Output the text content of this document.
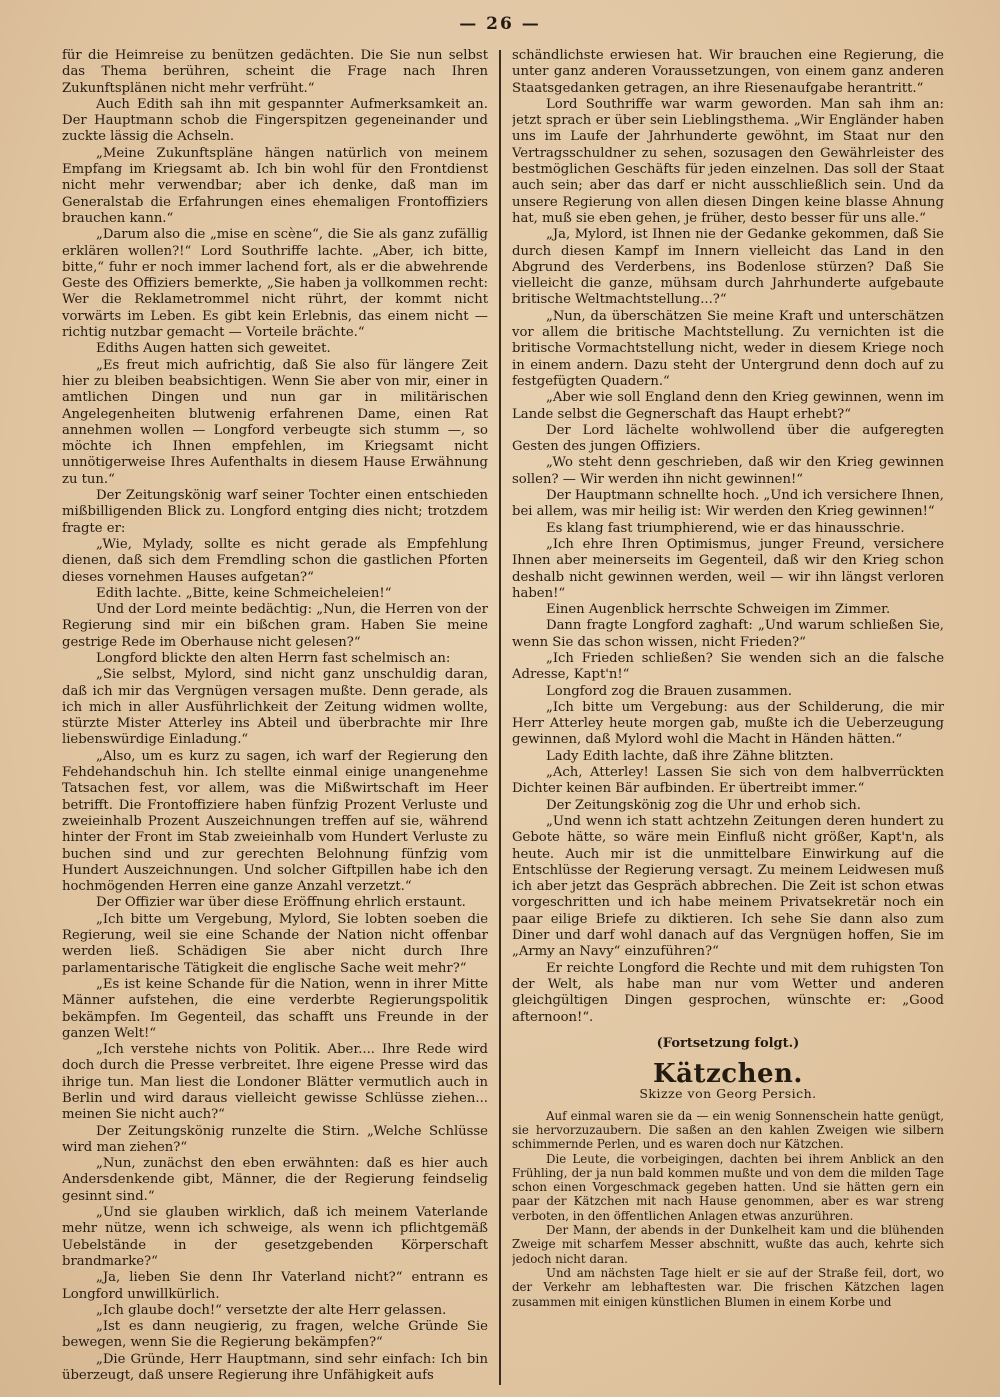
— 26 —

für die Heimreise zu benützen gedächten. Die Sie nun selbst das Thema berühren, scheint die Frage nach Ihren Zukunftsplänen nicht mehr verfrüht.“

Auch Edith sah ihn mit gespannter Aufmerksamkeit an. Der Hauptmann schob die Fingerspitzen gegeneinander und zuckte lässig die Achseln.

„Meine Zukunftspläne hängen natürlich von meinem Empfang im Kriegsamt ab. Ich bin wohl für den Frontdienst nicht mehr verwendbar; aber ich denke, daß man im Generalstab die Erfahrungen eines ehemaligen Frontoffiziers brauchen kann.“

„Darum also die „mise en scène“, die Sie als ganz zufällig erklären wollen?!“ Lord Southriffe lachte. „Aber, ich bitte, bitte,“ fuhr er noch immer lachend fort, als er die abwehrende Geste des Offiziers bemerkte, „Sie haben ja vollkommen recht: Wer die Reklametrommel nicht rührt, der kommt nicht vorwärts im Leben. Es gibt kein Erlebnis, das einem nicht — richtig nutzbar gemacht — Vorteile brächte.“

Ediths Augen hatten sich geweitet.

„Es freut mich aufrichtig, daß Sie also für längere Zeit hier zu bleiben beabsichtigen. Wenn Sie aber von mir, einer in amtlichen Dingen und nun gar in militärischen Angelegenheiten blutwenig erfahrenen Dame, einen Rat annehmen wollen — Longford verbeugte sich stumm —, so möchte ich Ihnen empfehlen, im Kriegsamt nicht unnötigerweise Ihres Aufenthalts in diesem Hause Erwähnung zu tun.“

Der Zeitungskönig warf seiner Tochter einen entschieden mißbilligenden Blick zu. Longford entging dies nicht; trotzdem fragte er:

„Wie, Mylady, sollte es nicht gerade als Empfehlung dienen, daß sich dem Fremdling schon die gastlichen Pforten dieses vornehmen Hauses aufgetan?“

Edith lachte. „Bitte, keine Schmeicheleien!“

Und der Lord meinte bedächtig: „Nun, die Herren von der Regierung sind mir ein bißchen gram. Haben Sie meine gestrige Rede im Oberhause nicht gelesen?“

Longford blickte den alten Herrn fast schelmisch an:

„Sie selbst, Mylord, sind nicht ganz unschuldig daran, daß ich mir das Vergnügen versagen mußte. Denn gerade, als ich mich in aller Ausführlichkeit der Zeitung widmen wollte, stürzte Mister Atterley ins Abteil und überbrachte mir Ihre liebenswürdige Einladung.“

„Also, um es kurz zu sagen, ich warf der Regierung den Fehdehandschuh hin. Ich stellte einmal einige unangenehme Tatsachen fest, vor allem, was die Mißwirtschaft im Heer betrifft. Die Frontoffiziere haben fünfzig Prozent Verluste und zweieinhalb Prozent Auszeichnungen treffen auf sie, während hinter der Front im Stab zweieinhalb vom Hundert Verluste zu buchen sind und zur gerechten Belohnung fünfzig vom Hundert Auszeichnungen. Und solcher Giftpillen habe ich den hochmögenden Herren eine ganze Anzahl verzetzt.“

Der Offizier war über diese Eröffnung ehrlich erstaunt.

„Ich bitte um Vergebung, Mylord, Sie lobten soeben die Regierung, weil sie eine Schande der Nation nicht offenbar werden ließ. Schädigen Sie aber nicht durch Ihre parlamentarische Tätigkeit die englische Sache weit mehr?“

„Es ist keine Schande für die Nation, wenn in ihrer Mitte Männer aufstehen, die eine verderbte Regierungspolitik bekämpfen. Im Gegenteil, das schafft uns Freunde in der ganzen Welt!“

„Ich verstehe nichts von Politik. Aber.... Ihre Rede wird doch durch die Presse verbreitet. Ihre eigene Presse wird das ihrige tun. Man liest die Londoner Blätter vermutlich auch in Berlin und wird daraus vielleicht gewisse Schlüsse ziehen... meinen Sie nicht auch?“

Der Zeitungskönig runzelte die Stirn. „Welche Schlüsse wird man ziehen?“

„Nun, zunächst den eben erwähnten: daß es hier auch Andersdenkende gibt, Männer, die der Regierung feindselig gesinnt sind.“

„Und sie glauben wirklich, daß ich meinem Vaterlande mehr nütze, wenn ich schweige, als wenn ich pflichtgemäß Uebelstände in der gesetzgebenden Körperschaft brandmarke?“

„Ja, lieben Sie denn Ihr Vaterland nicht?“ entrann es Longford unwillkürlich.

„Ich glaube doch!“ versetzte der alte Herr gelassen.

„Ist es dann neugierig, zu fragen, welche Gründe Sie bewegen, wenn Sie die Regierung bekämpfen?“

„Die Gründe, Herr Hauptmann, sind sehr einfach: Ich bin überzeugt, daß unsere Regierung ihre Unfähigkeit aufs

schändlichste erwiesen hat. Wir brauchen eine Regierung, die unter ganz anderen Voraussetzungen, von einem ganz anderen Staatsgedanken getragen, an ihre Riesenaufgabe herantritt.“

Lord Southriffe war warm geworden. Man sah ihm an: jetzt sprach er über sein Lieblingsthema. „Wir Engländer haben uns im Laufe der Jahrhunderte gewöhnt, im Staat nur den Vertragsschuldner zu sehen, sozusagen den Gewährleister des bestmöglichen Geschäfts für jeden einzelnen. Das soll der Staat auch sein; aber das darf er nicht ausschließlich sein. Und da unsere Regierung von allen diesen Dingen keine blasse Ahnung hat, muß sie eben gehen, je früher, desto besser für uns alle.“

„Ja, Mylord, ist Ihnen nie der Gedanke gekommen, daß Sie durch diesen Kampf im Innern vielleicht das Land in den Abgrund des Verderbens, ins Bodenlose stürzen? Daß Sie vielleicht die ganze, mühsam durch Jahrhunderte aufgebaute britische Weltmachtstellung...?“

„Nun, da überschätzen Sie meine Kraft und unterschätzen vor allem die britische Machtstellung. Zu vernichten ist die britische Vormachtstellung nicht, weder in diesem Kriege noch in einem andern. Dazu steht der Untergrund denn doch auf zu festgefügten Quadern.“

„Aber wie soll England denn den Krieg gewinnen, wenn im Lande selbst die Gegnerschaft das Haupt erhebt?“

Der Lord lächelte wohlwollend über die aufgeregten Gesten des jungen Offiziers.

„Wo steht denn geschrieben, daß wir den Krieg gewinnen sollen? — Wir werden ihn nicht gewinnen!“

Der Hauptmann schnellte hoch. „Und ich versichere Ihnen, bei allem, was mir heilig ist: Wir werden den Krieg gewinnen!“

Es klang fast triumphierend, wie er das hinausschrie.

„Ich ehre Ihren Optimismus, junger Freund, versichere Ihnen aber meinerseits im Gegenteil, daß wir den Krieg schon deshalb nicht gewinnen werden, weil — wir ihn längst verloren haben!“

Einen Augenblick herrschte Schweigen im Zimmer.

Dann fragte Longford zaghaft: „Und warum schließen Sie, wenn Sie das schon wissen, nicht Frieden?“

„Ich Frieden schließen? Sie wenden sich an die falsche Adresse, Kapt'n!“

Longford zog die Brauen zusammen.

„Ich bitte um Vergebung: aus der Schilderung, die mir Herr Atterley heute morgen gab, mußte ich die Ueberzeugung gewinnen, daß Mylord wohl die Macht in Händen hätten.“

Lady Edith lachte, daß ihre Zähne blitzten.

„Ach, Atterley! Lassen Sie sich von dem halbverrückten Dichter keinen Bär aufbinden. Er übertreibt immer.“

Der Zeitungskönig zog die Uhr und erhob sich.

„Und wenn ich statt achtzehn Zeitungen deren hundert zu Gebote hätte, so wäre mein Einfluß nicht größer, Kapt'n, als heute. Auch mir ist die unmittelbare Einwirkung auf die Entschlüsse der Regierung versagt. Zu meinem Leidwesen muß ich aber jetzt das Gespräch abbrechen. Die Zeit ist schon etwas vorgeschritten und ich habe meinem Privatsekretär noch ein paar eilige Briefe zu diktieren. Ich sehe Sie dann also zum Diner und darf wohl danach auf das Vergnügen hoffen, Sie im „Army an Navy“ einzuführen?“

Er reichte Longford die Rechte und mit dem ruhigsten Ton der Welt, als habe man nur vom Wetter und anderen gleichgültigen Dingen gesprochen, wünschte er: „Good afternoon!“.

(Fortsetzung folgt.)
Kätzchen.
Skizze von Georg Persich.

Auf einmal waren sie da — ein wenig Sonnenschein hatte genügt, sie hervorzuzaubern. Die saßen an den kahlen Zweigen wie silbern schimmernde Perlen, und es waren doch nur Kätzchen.

Die Leute, die vorbeigingen, dachten bei ihrem Anblick an den Frühling, der ja nun bald kommen mußte und von dem die milden Tage schon einen Vorgeschmack gegeben hatten. Und sie hätten gern ein paar der Kätzchen mit nach Hause genommen, aber es war streng verboten, in den öffentlichen Anlagen etwas anzurühren.

Der Mann, der abends in der Dunkelheit kam und die blühenden Zweige mit scharfem Messer abschnitt, wußte das auch, kehrte sich jedoch nicht daran.

Und am nächsten Tage hielt er sie auf der Straße feil, dort, wo der Verkehr am lebhaftesten war. Die frischen Kätzchen lagen zusammen mit einigen künstlichen Blumen in einem Korbe und
